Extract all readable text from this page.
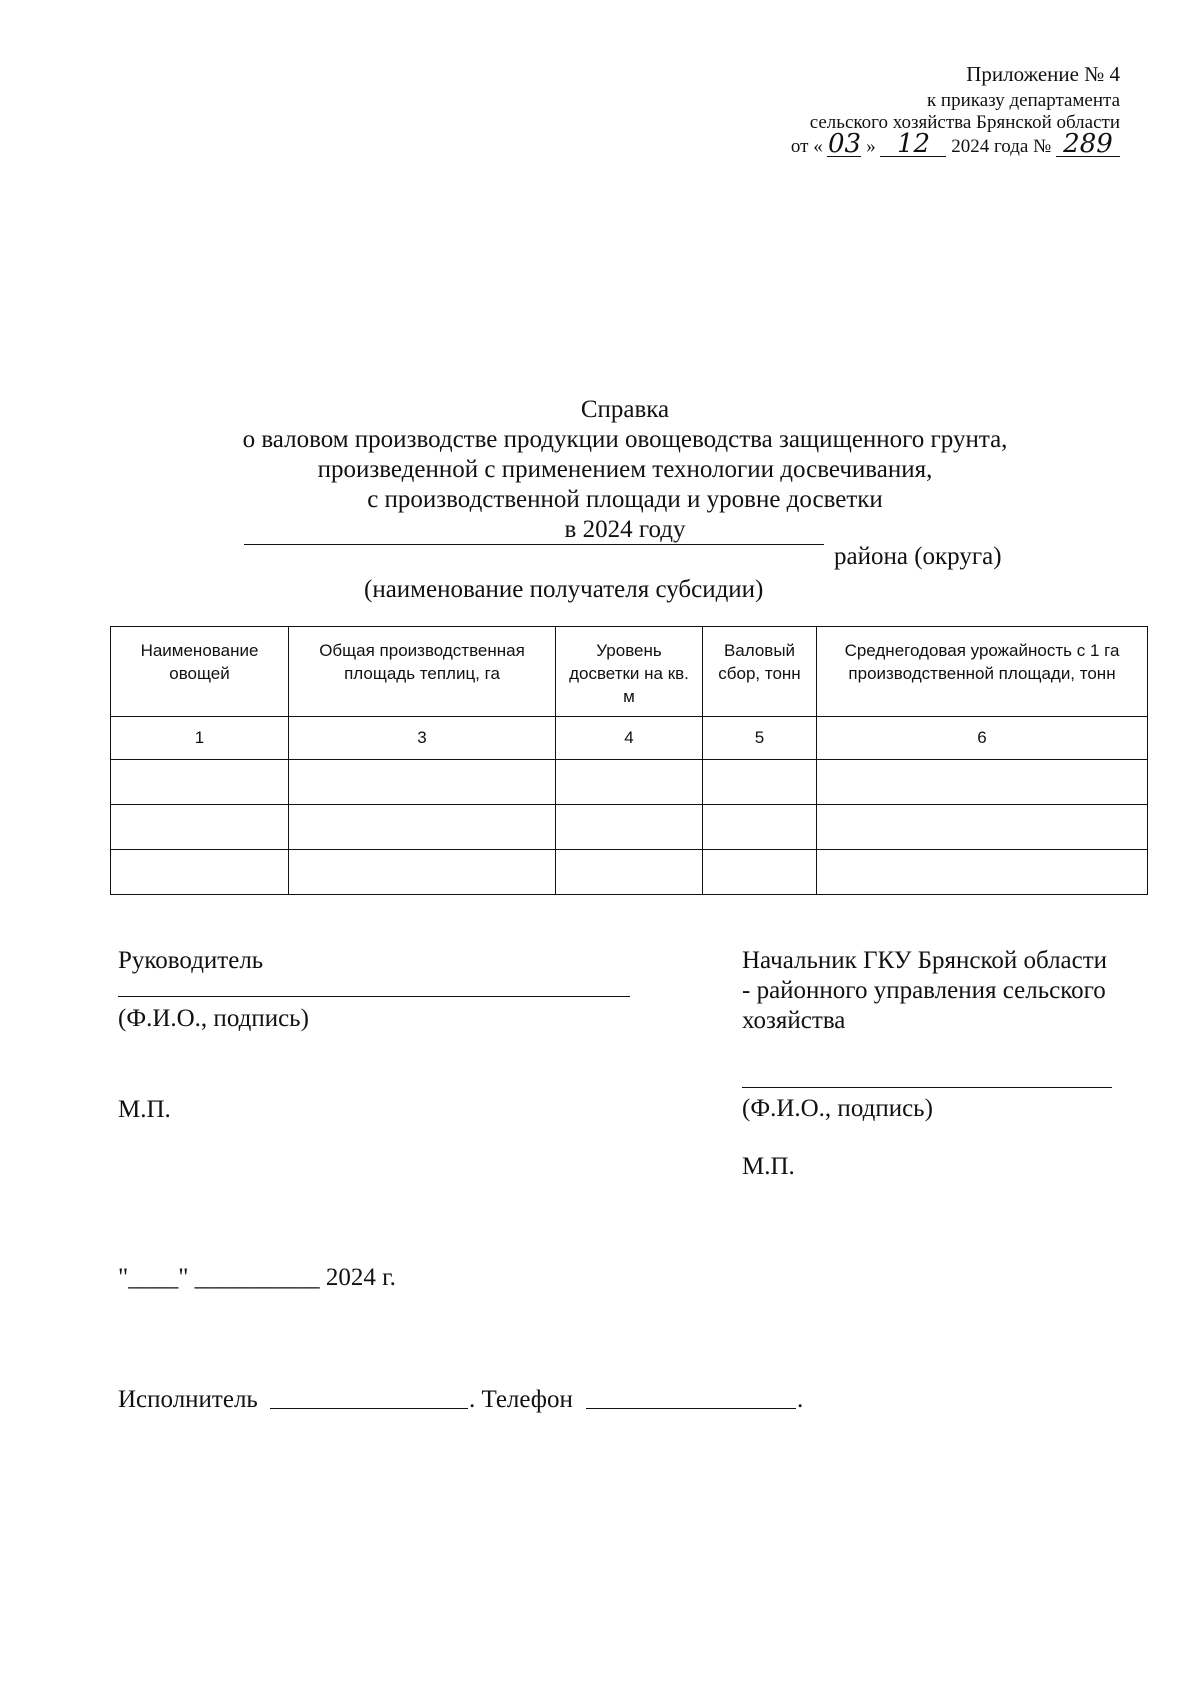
Приложение № 4
к приказу департамента
сельского хозяйства Брянской области
от « 03 » 12 2024 года № 289
Справка
о валовом производстве продукции овощеводства защищенного грунта,
произведенной с применением технологии досвечивания,
с производственной площади и уровне досветки
в 2024 году
района (округа)
(наименование получателя субсидии)
Наименование овощей	Общая производственная площадь теплиц, га	Уровень досветки на кв. м	Валовый сбор, тонн	Среднегодовая урожайность с 1 га производственной площади, тонн
1	3	4	5	6

Руководитель
(Ф.И.О., подпись)
М.П.
Начальник ГКУ Брянской области
- районного управления сельского
хозяйства
(Ф.И.О., подпись)
М.П.
"____" __________ 2024 г.
Исполнитель	. Телефон	.
